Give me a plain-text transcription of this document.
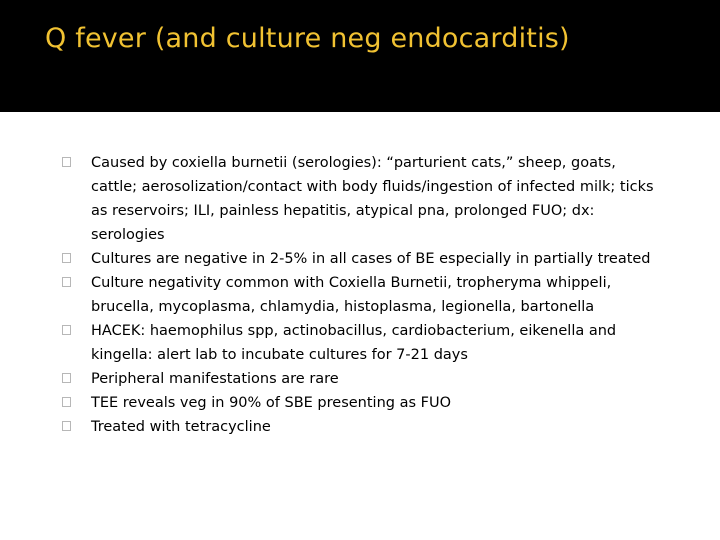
Q fever (and culture neg endocarditis)
Caused by coxiella burnetii (serologies): “parturient cats,” sheep, goats, cattle; aerosolization/contact with body fluids/ingestion of infected milk; ticks as reservoirs; ILI, painless hepatitis, atypical pna, prolonged FUO; dx: serologies
Cultures are negative in 2-5% in all cases of BE especially in partially treated
Culture negativity common with Coxiella Burnetii, tropheryma whippeli, brucella, mycoplasma, chlamydia, histoplasma, legionella, bartonella
HACEK: haemophilus spp, actinobacillus, cardiobacterium, eikenella and kingella: alert lab to incubate cultures for 7-21 days
Peripheral manifestations are rare
TEE reveals veg in 90% of SBE presenting as FUO
Treated with tetracycline
